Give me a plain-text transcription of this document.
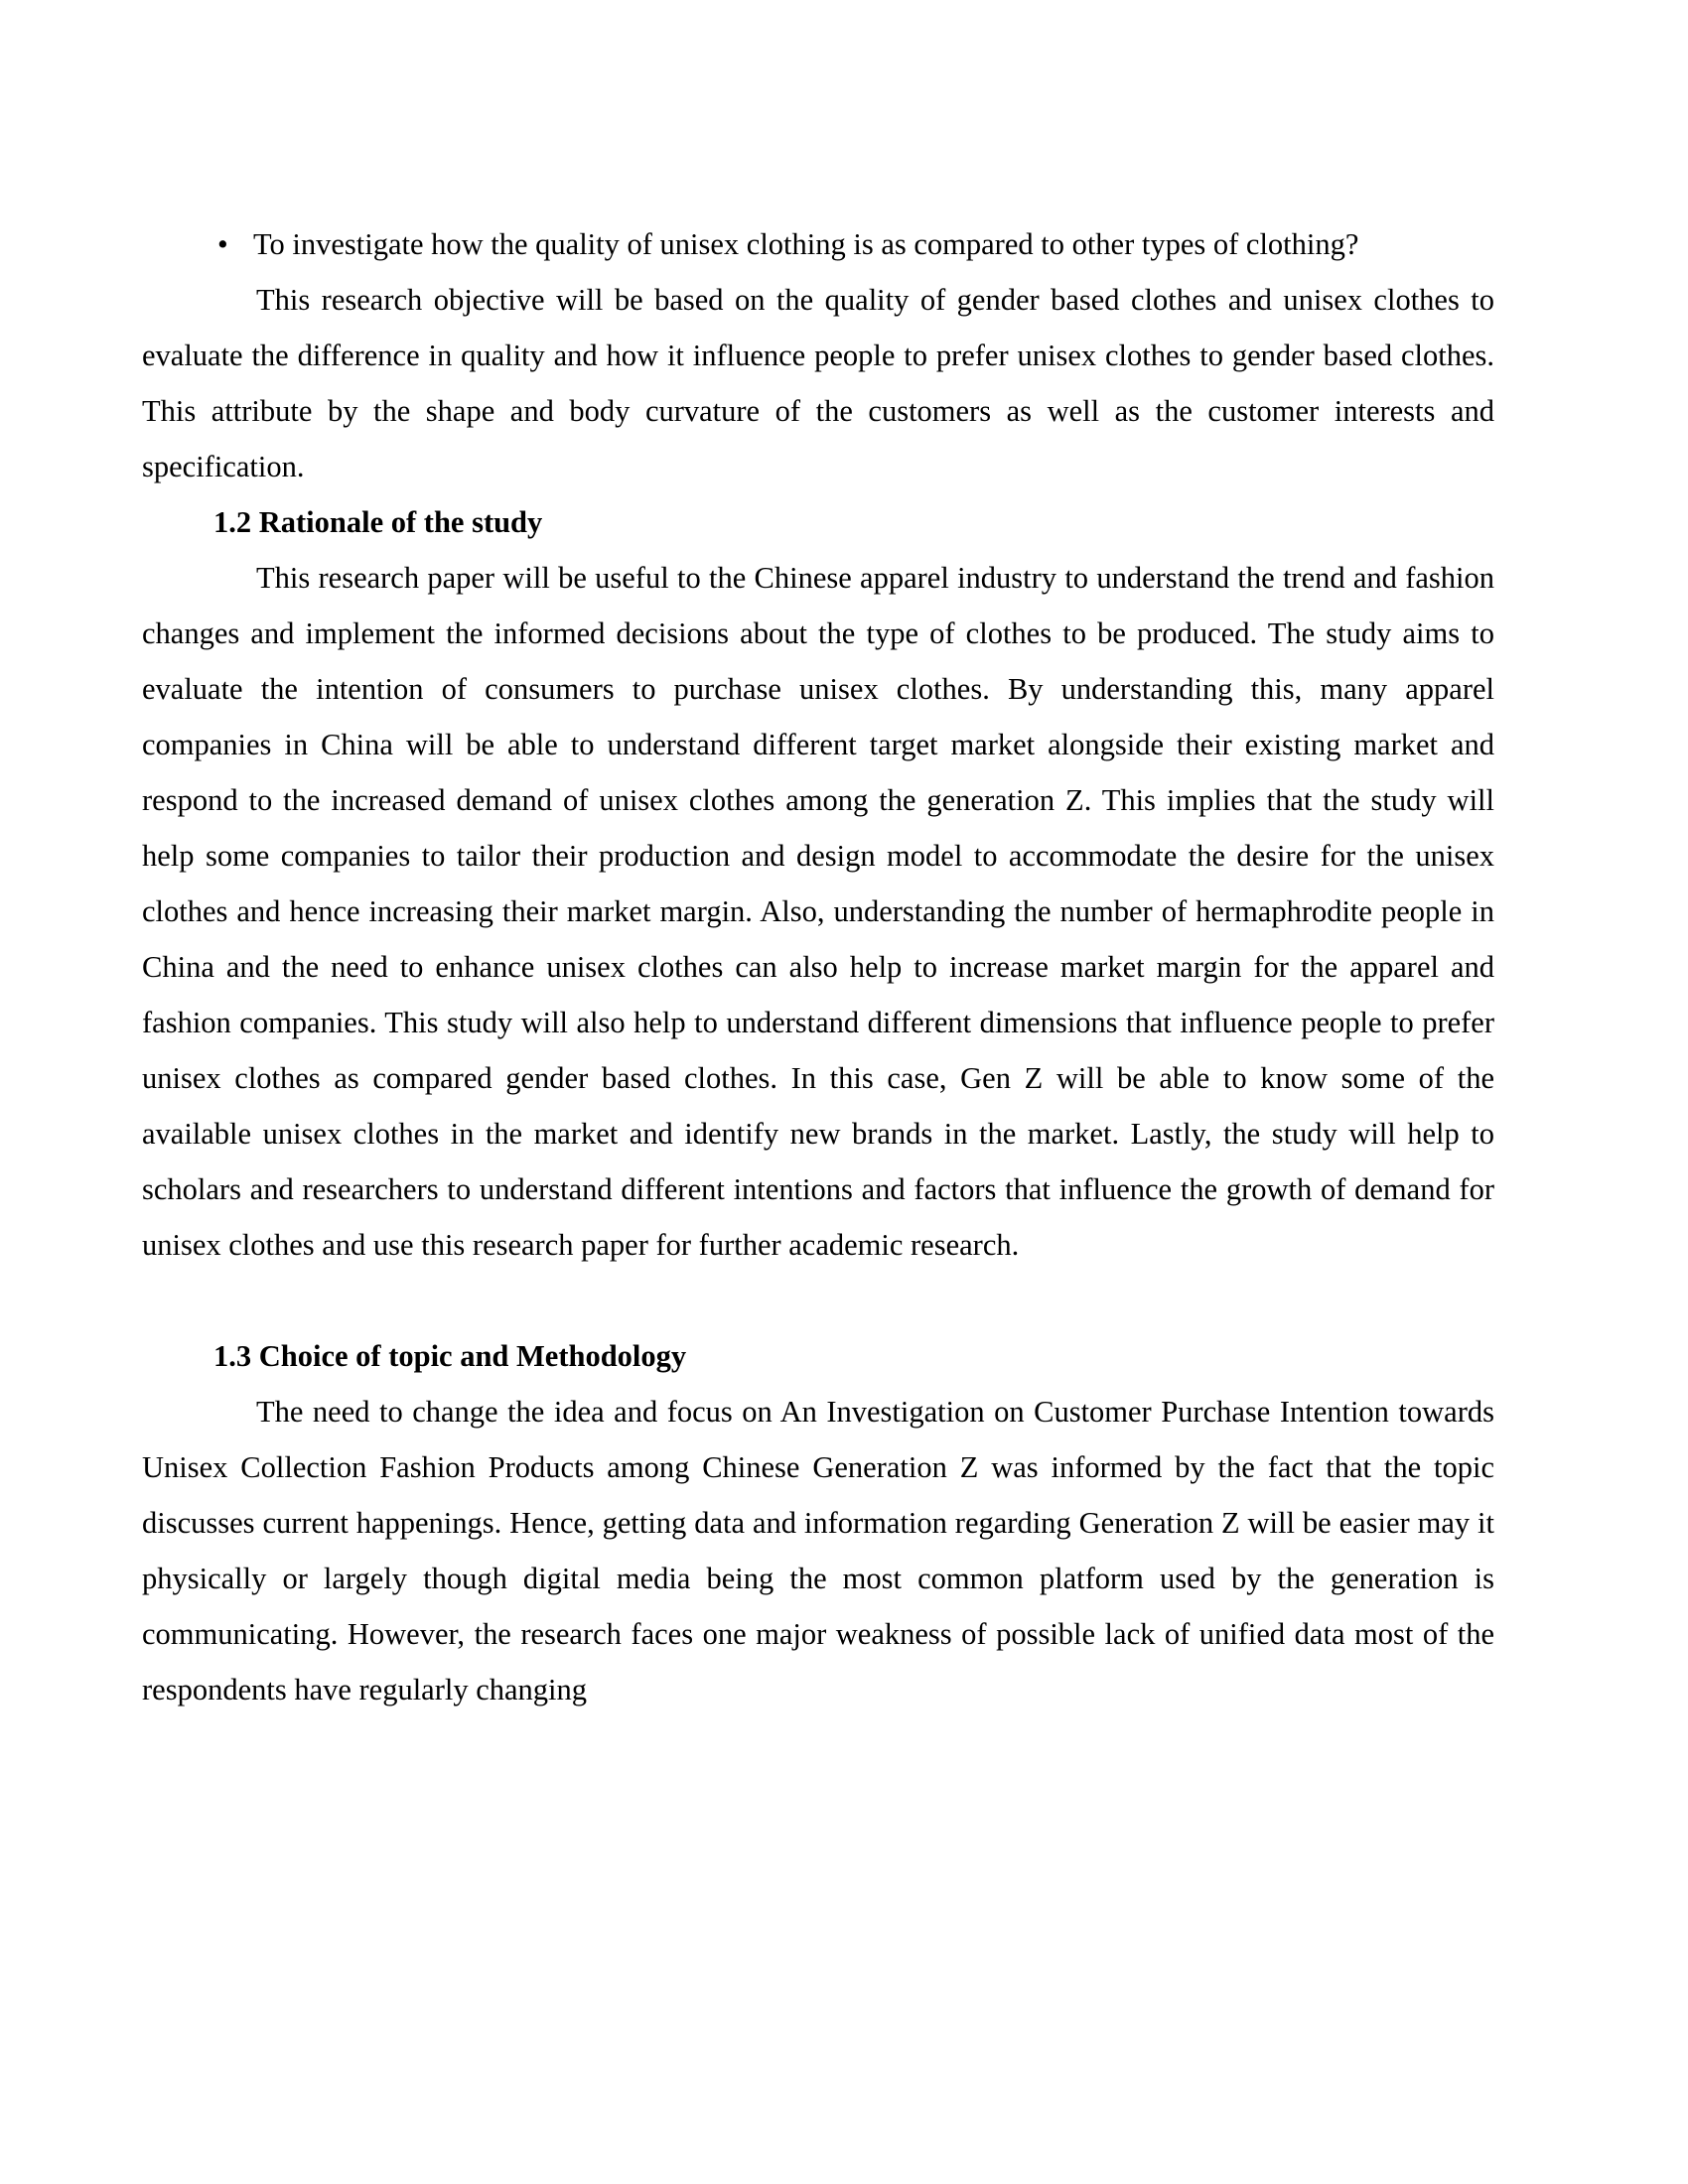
• To investigate how the quality of unisex clothing is as compared to other types of clothing?

This research objective will be based on the quality of gender based clothes and unisex clothes to evaluate the difference in quality and how it influence people to prefer unisex clothes to gender based clothes. This attribute by the shape and body curvature of the customers as well as the customer interests and specification.

1.2 Rationale of the study

This research paper will be useful to the Chinese apparel industry to understand the trend and fashion changes and implement the informed decisions about the type of clothes to be produced. The study aims to evaluate the intention of consumers to purchase unisex clothes. By understanding this, many apparel companies in China will be able to understand different target market alongside their existing market and respond to the increased demand of unisex clothes among the generation Z. This implies that the study will help some companies to tailor their production and design model to accommodate the desire for the unisex clothes and hence increasing their market margin. Also, understanding the number of hermaphrodite people in China and the need to enhance unisex clothes can also help to increase market margin for the apparel and fashion companies. This study will also help to understand different dimensions that influence people to prefer unisex clothes as compared gender based clothes. In this case, Gen Z will be able to know some of the available unisex clothes in the market and identify new brands in the market. Lastly, the study will help to scholars and researchers to understand different intentions and factors that influence the growth of demand for unisex clothes and use this research paper for further academic research.

1.3 Choice of topic and Methodology

The need to change the idea and focus on An Investigation on Customer Purchase Intention towards Unisex Collection Fashion Products among Chinese Generation Z was informed by the fact that the topic discusses current happenings. Hence, getting data and information regarding Generation Z will be easier may it physically or largely though digital media being the most common platform used by the generation is communicating. However, the research faces one major weakness of possible lack of unified data most of the respondents have regularly changing
